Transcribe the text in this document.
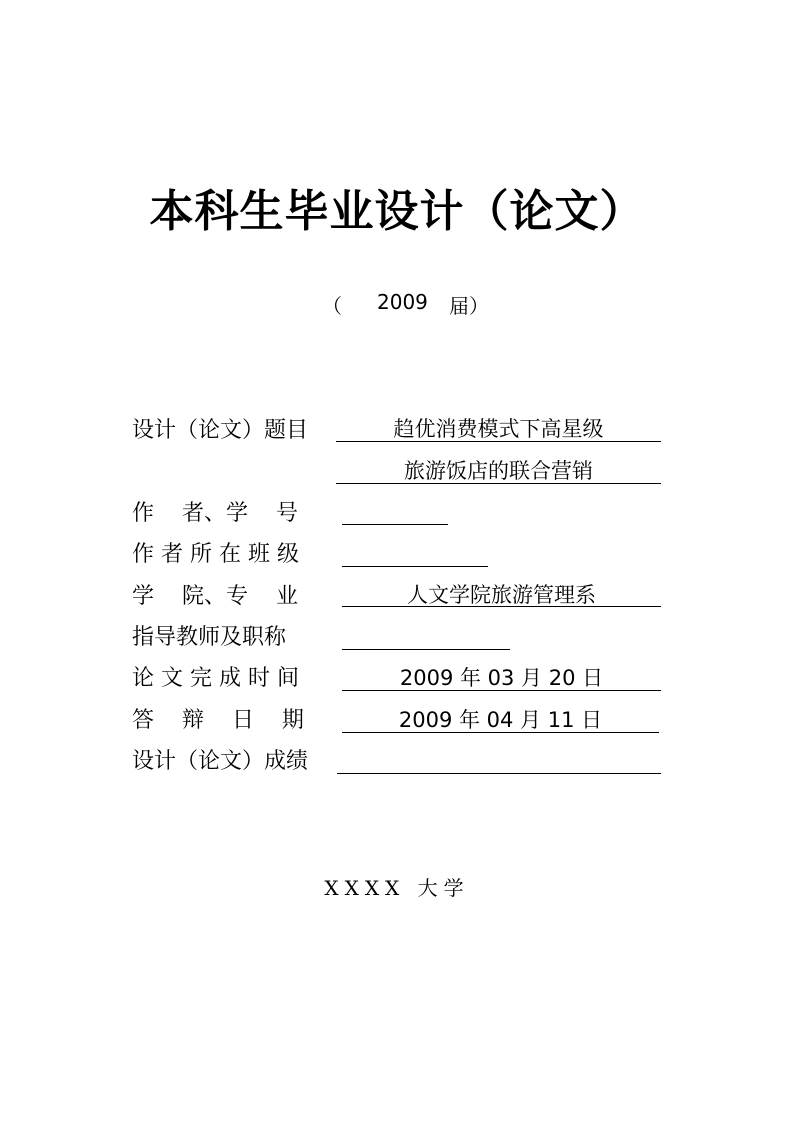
本科生毕业设计（论文）
（ 2009 届）
设计（论文）题目	趋优消费模式下高星级
旅游饭店的联合营销
作    者、学    号
作 者 所 在 班 级
学    院、专    业	人文学院旅游管理系
指导教师及职称
论 文 完 成 时 间	2009 年 03 月 20 日
答    辩    日    期	2009 年 04 月 11 日
设计（论文）成绩
XXXX 大学
